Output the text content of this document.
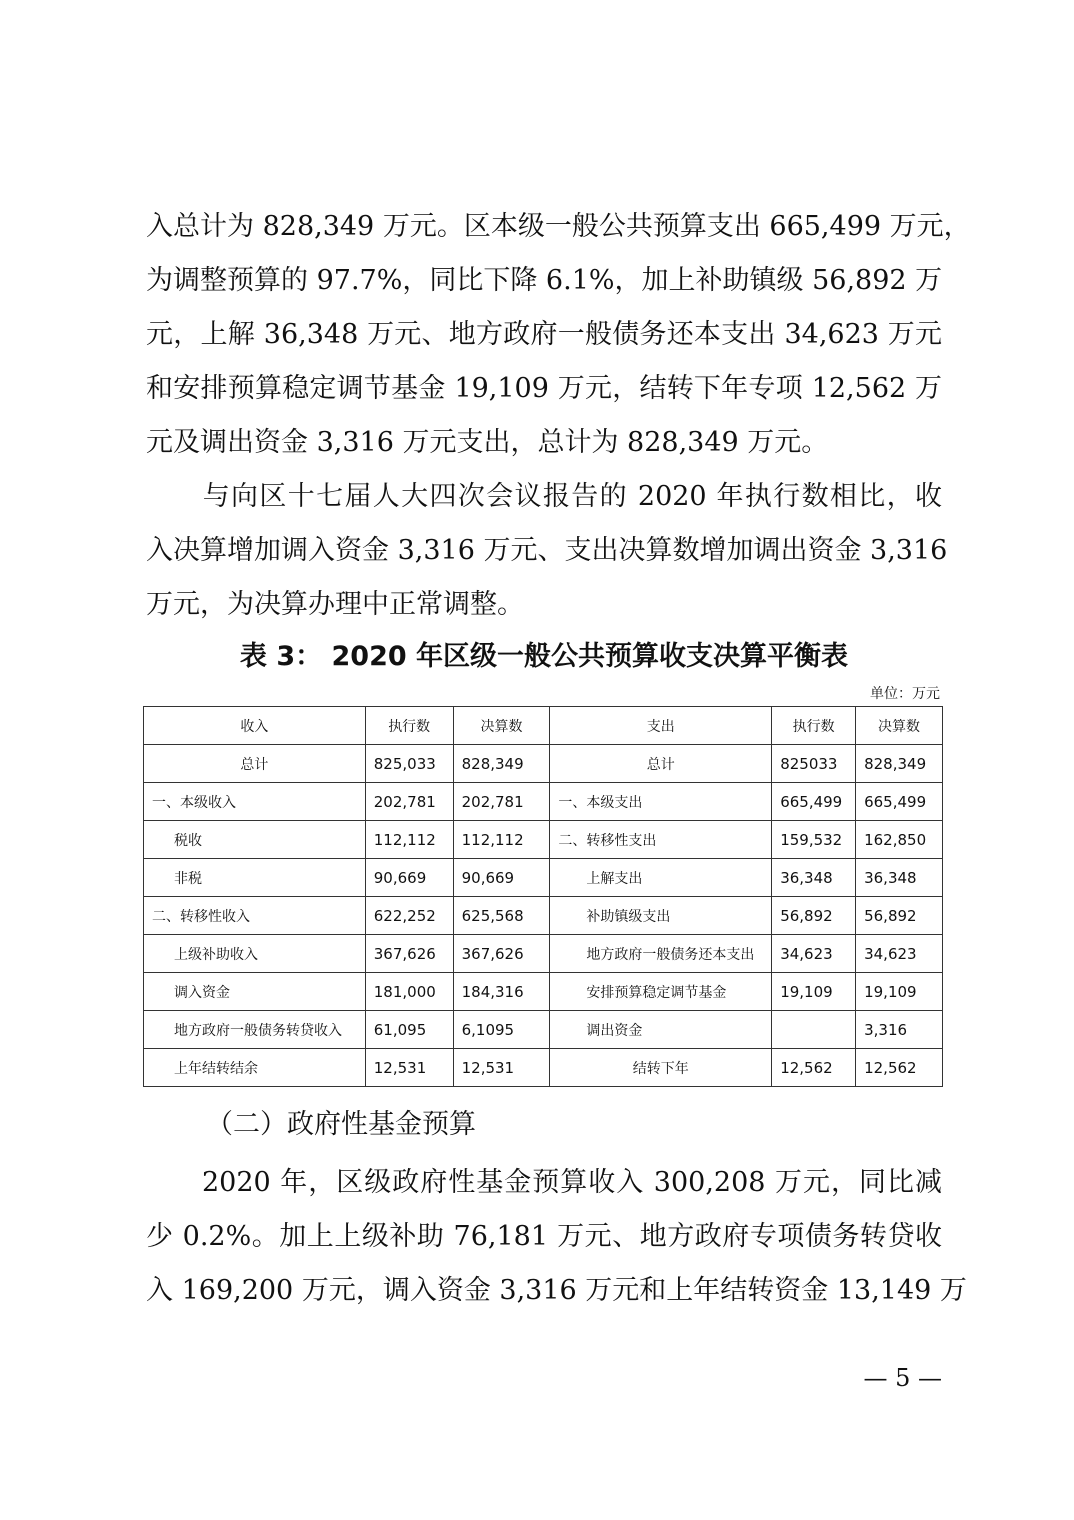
入总计为 828,349 万元。区本级一般公共预算支出 665,499 万元，
为调整预算的 97.7%，同比下降 6.1%，加上补助镇级 56,892 万
元，上解 36,348 万元、地方政府一般债务还本支出 34,623 万元
和安排预算稳定调节基金 19,109 万元，结转下年专项 12,562 万
元及调出资金 3,316 万元支出，总计为 828,349 万元。
　　与向区十七届人大四次会议报告的 2020 年执行数相比，收
入决算增加调入资金 3,316 万元、支出决算数增加调出资金 3,316
万元，为决算办理中正常调整。
表 3： 2020 年区级一般公共预算收支决算平衡表
单位：万元
收入	执行数	决算数	支出	执行数	决算数
总计	825,033	828,349	总计	825033	828,349
一、本级收入	202,781	202,781	一、本级支出	665,499	665,499
税收	112,112	112,112	二、转移性支出	159,532	162,850
非税	90,669	90,669	上解支出	36,348	36,348
二、转移性收入	622,252	625,568	补助镇级支出	56,892	56,892
上级补助收入	367,626	367,626	地方政府一般债务还本支出	34,623	34,623
调入资金	181,000	184,316	安排预算稳定调节基金	19,109	19,109
地方政府一般债务转贷收入	61,095	6,1095	调出资金		3,316
上年结转结余	12,531	12,531	结转下年	12,562	12,562
（二）政府性基金预算
　　2020 年，区级政府性基金预算收入 300,208 万元，同比减
少 0.2%。加上上级补助 76,181 万元、地方政府专项债务转贷收
入 169,200 万元，调入资金 3,316 万元和上年结转资金 13,149 万
— 5 —
